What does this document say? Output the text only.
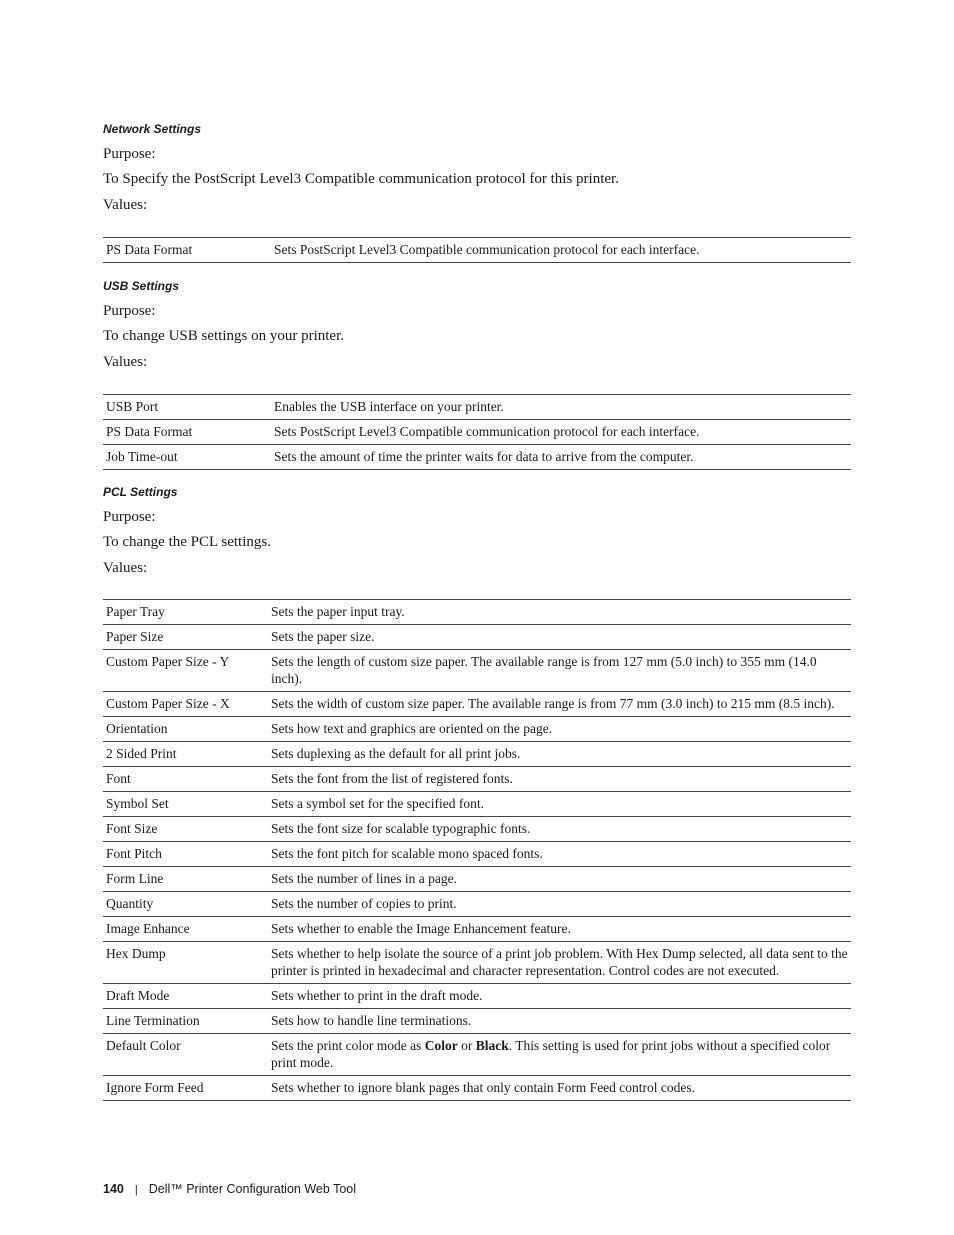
Network Settings

Purpose:

To Specify the PostScript Level3 Compatible communication protocol for this printer.

Values:

PS Data Format	Sets PostScript Level3 Compatible communication protocol for each interface.

USB Settings

Purpose:

To change USB settings on your printer.

Values:

USB Port	Enables the USB interface on your printer.
PS Data Format	Sets PostScript Level3 Compatible communication protocol for each interface.
Job Time-out	Sets the amount of time the printer waits for data to arrive from the computer.

PCL Settings

Purpose:

To change the PCL settings.

Values:

Paper Tray	Sets the paper input tray.
Paper Size	Sets the paper size.
Custom Paper Size - Y	Sets the length of custom size paper. The available range is from 127 mm (5.0 inch) to 355 mm (14.0 inch).
Custom Paper Size - X	Sets the width of custom size paper. The available range is from 77 mm (3.0 inch) to 215 mm (8.5 inch).
Orientation	Sets how text and graphics are oriented on the page.
2 Sided Print	Sets duplexing as the default for all print jobs.
Font	Sets the font from the list of registered fonts.
Symbol Set	Sets a symbol set for the specified font.
Font Size	Sets the font size for scalable typographic fonts.
Font Pitch	Sets the font pitch for scalable mono spaced fonts.
Form Line	Sets the number of lines in a page.
Quantity	Sets the number of copies to print.
Image Enhance	Sets whether to enable the Image Enhancement feature.
Hex Dump	Sets whether to help isolate the source of a print job problem. With Hex Dump selected, all data sent to the printer is printed in hexadecimal and character representation. Control codes are not executed.
Draft Mode	Sets whether to print in the draft mode.
Line Termination	Sets how to handle line terminations.
Default Color	Sets the print color mode as Color or Black. This setting is used for print jobs without a specified color print mode.
Ignore Form Feed	Sets whether to ignore blank pages that only contain Form Feed control codes.
140 | Dell™ Printer Configuration Web Tool
